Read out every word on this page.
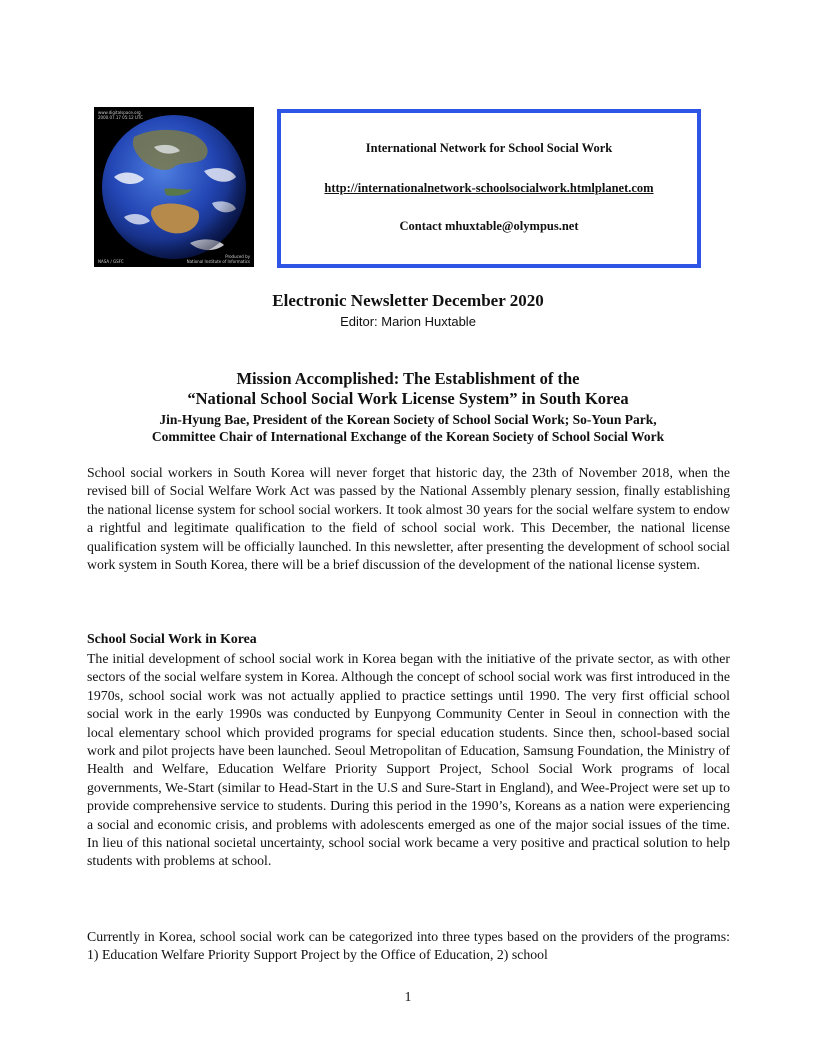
www.digitalspace.org
2000.07.17 05:12 UTC
NASA / GSFC
Produced by
National Institute of Informatics
International Network for School Social Work
http://internationalnetwork-schoolsocialwork.htmlplanet.com
Contact mhuxtable@olympus.net
Electronic Newsletter December 2020
Editor: Marion Huxtable
Mission Accomplished: The Establishment of the
“National School Social Work License System” in South Korea
Jin-Hyung Bae, President of the Korean Society of School Social Work; So-Youn Park,
Committee Chair of International Exchange of the Korean Society of School Social Work
School social workers in South Korea will never forget that historic day, the 23th of November 2018, when the revised bill of Social Welfare Work Act was passed by the National Assembly plenary session, finally establishing the national license system for school social workers. It took almost 30 years for the social welfare system to endow a rightful and legitimate qualification to the field of school social work. This December, the national license qualification system will be officially launched. In this newsletter, after presenting the development of school social work system in South Korea, there will be a brief discussion of the development of the national license system.
School Social Work in Korea
The initial development of school social work in Korea began with the initiative of the private sector, as with other sectors of the social welfare system in Korea. Although the concept of school social work was first introduced in the 1970s, school social work was not actually applied to practice settings until 1990. The very first official school social work in the early 1990s was conducted by Eunpyong Community Center in Seoul in connection with the local elementary school which provided programs for special education students. Since then, school-based social work and pilot projects have been launched. Seoul Metropolitan of Education, Samsung Foundation, the Ministry of Health and Welfare, Education Welfare Priority Support Project, School Social Work programs of local governments, We-Start (similar to Head-Start in the U.S and Sure-Start in England), and Wee-Project were set up to provide comprehensive service to students. During this period in the 1990’s, Koreans as a nation were experiencing a social and economic crisis, and problems with adolescents emerged as one of the major social issues of the time. In lieu of this national societal uncertainty, school social work became a very positive and practical solution to help students with problems at school.
Currently in Korea, school social work can be categorized into three types based on the providers of the programs: 1) Education Welfare Priority Support Project by the Office of Education, 2) school
1
